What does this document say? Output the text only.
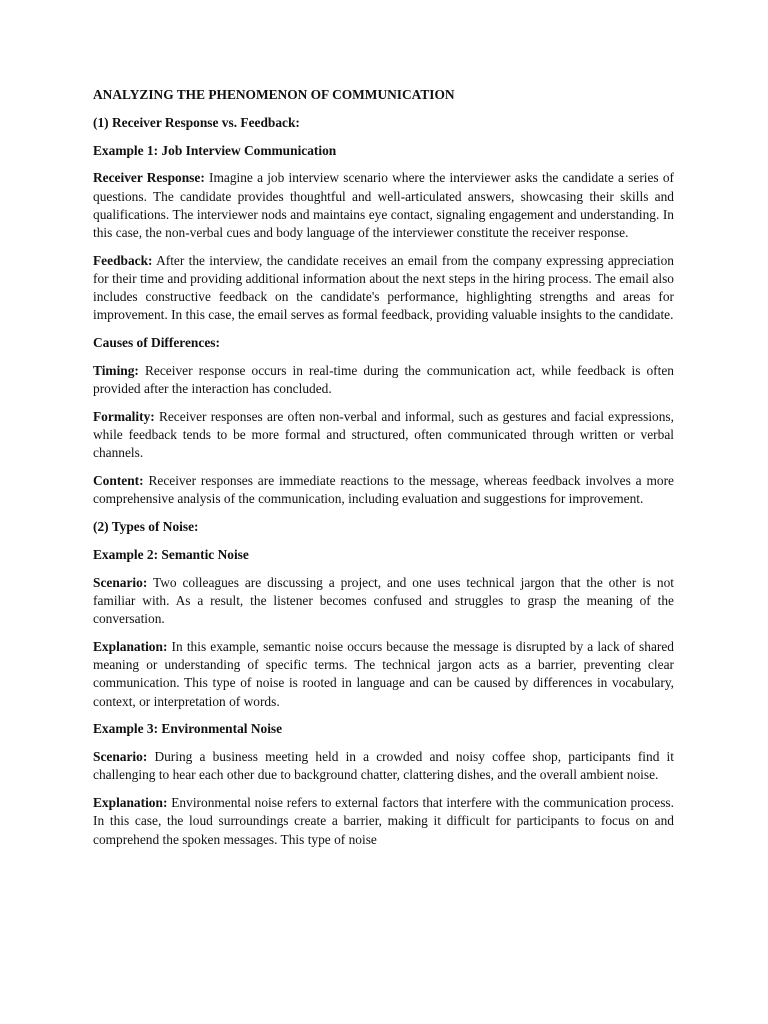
ANALYZING THE PHENOMENON OF COMMUNICATION

(1) Receiver Response vs. Feedback:

Example 1: Job Interview Communication

Receiver Response: Imagine a job interview scenario where the interviewer asks the candidate a series of questions. The candidate provides thoughtful and well-articulated answers, showcasing their skills and qualifications. The interviewer nods and maintains eye contact, signaling engagement and understanding. In this case, the non-verbal cues and body language of the interviewer constitute the receiver response.

Feedback: After the interview, the candidate receives an email from the company expressing appreciation for their time and providing additional information about the next steps in the hiring process. The email also includes constructive feedback on the candidate's performance, highlighting strengths and areas for improvement. In this case, the email serves as formal feedback, providing valuable insights to the candidate.

Causes of Differences:

Timing: Receiver response occurs in real-time during the communication act, while feedback is often provided after the interaction has concluded.

Formality: Receiver responses are often non-verbal and informal, such as gestures and facial expressions, while feedback tends to be more formal and structured, often communicated through written or verbal channels.

Content: Receiver responses are immediate reactions to the message, whereas feedback involves a more comprehensive analysis of the communication, including evaluation and suggestions for improvement.

(2) Types of Noise:

Example 2: Semantic Noise

Scenario: Two colleagues are discussing a project, and one uses technical jargon that the other is not familiar with. As a result, the listener becomes confused and struggles to grasp the meaning of the conversation.

Explanation: In this example, semantic noise occurs because the message is disrupted by a lack of shared meaning or understanding of specific terms. The technical jargon acts as a barrier, preventing clear communication. This type of noise is rooted in language and can be caused by differences in vocabulary, context, or interpretation of words.

Example 3: Environmental Noise

Scenario: During a business meeting held in a crowded and noisy coffee shop, participants find it challenging to hear each other due to background chatter, clattering dishes, and the overall ambient noise.

Explanation: Environmental noise refers to external factors that interfere with the communication process. In this case, the loud surroundings create a barrier, making it difficult for participants to focus on and comprehend the spoken messages. This type of noise
